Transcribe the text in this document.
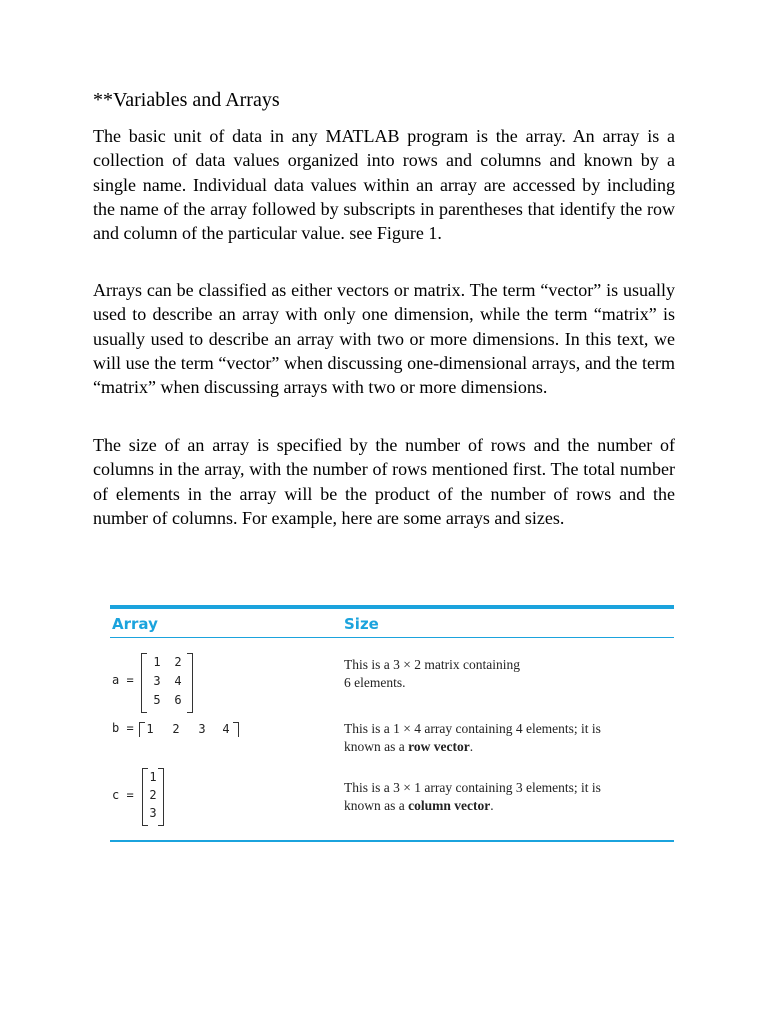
**Variables and Arrays

The basic unit of data in any MATLAB program is the array. An array is a collection of data values organized into rows and columns and known by a single name. Individual data values within an array are accessed by including the name of the array followed by subscripts in parentheses that identify the row and column of the particular value. see Figure 1.

Arrays can be classified as either vectors or matrix. The term “vector” is usually used to describe an array with only one dimension, while the term “matrix” is usually used to describe an array with two or more dimensions. In this text, we will use the term “vector” when discussing one-dimensional arrays, and the term “matrix” when discussing arrays with two or more dimensions.

The size of an array is specified by the number of rows and the number of columns in the array, with the number of rows mentioned first. The total number of elements in the array will be the product of the number of rows and the number of columns. For example, here are some arrays and sizes.

Array	Size
a =
1 2
3 4
5 6
This is a 3 × 2 matrix containing
6 elements.
b = 1 2 3 4	This is a 1 × 4 array containing 4 elements; it is
known as a row vector.
c =
1
2
3
This is a 3 × 1 array containing 3 elements; it is
known as a column vector.
